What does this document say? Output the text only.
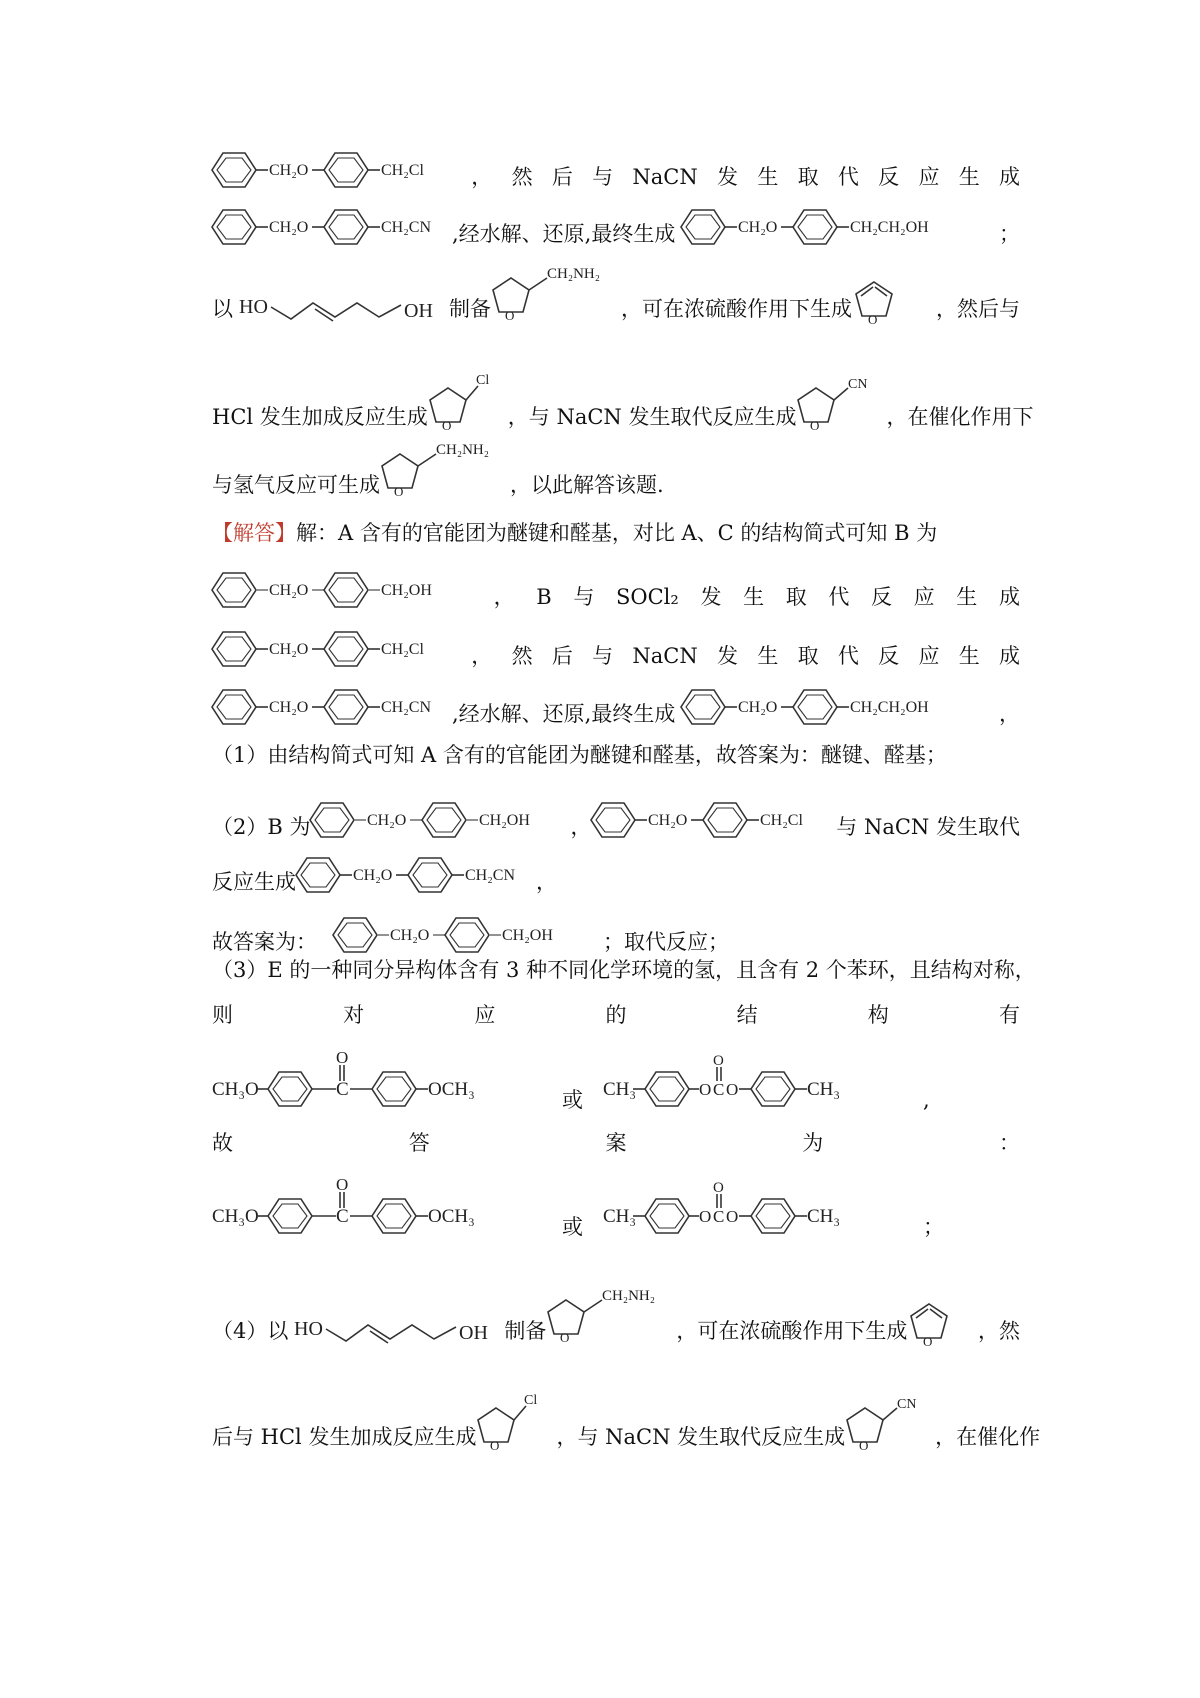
CH₂O	CH₂Cl ， 然 后 与 NaCN 发 生 取 代 反 应 生 成
CH₂O	CH₂CN ,经水解、还原,最终生成	CH₂O	CH₂CH₂OH	；
以 HO	OH 制备 O
CH₂NH₂
，可在浓硫酸作用下生成 O	，然后与
HCl 发生加成反应生成 O
Cl
，与 NaCN 发生取代反应生成 O
CN
，在催化作用下
与氢气反应可生成 O
CH₂NH₂
，以此解答该题.
【解答】 解：A 含有的官能团为醚键和醛基，对比 A、C 的结构简式可知 B 为
CH₂O	CH₂OH	， B 与 SOCl₂ 发 生 取 代 反 应 生 成
CH₂O	CH₂Cl ， 然 后 与 NaCN 发 生 取 代 反 应 生 成
CH₂O	CH₂CN ,经水解、还原,最终生成	CH₂O	CH₂CH₂OH	，
（1）由结构简式可知 A 含有的官能团为醚键和醛基，故答案为：醚键、醛基；
（2）B 为	CH₂O	CH₂OH ，	CH₂O	CH₂Cl 与 NaCN 发生取代
反应生成	CH₂O	CH₂CN ，
故答案为：	CH₂O	CH₂OH ；取代反应；
（3）E 的一种同分异构体含有 3 种不同化学环境的氢，且含有 2 个苯环，且结构对称，
则	对	应	的	结	构	有
CH₃O	C
O
OCH₃	或 CH₃	O C
O
O	CH₃	,
故	答	案	为	：
CH₃O	C
O
OCH₃	或 CH₃	O C
O
O	CH₃	；
（4）以 HO	OH 制备 O
CH₂NH₂
，可在浓硫酸作用下生成 O ，然
后与 HCl 发生加成反应生成 O
Cl
，与 NaCN 发生取代反应生成 O
CN
，在催化作
